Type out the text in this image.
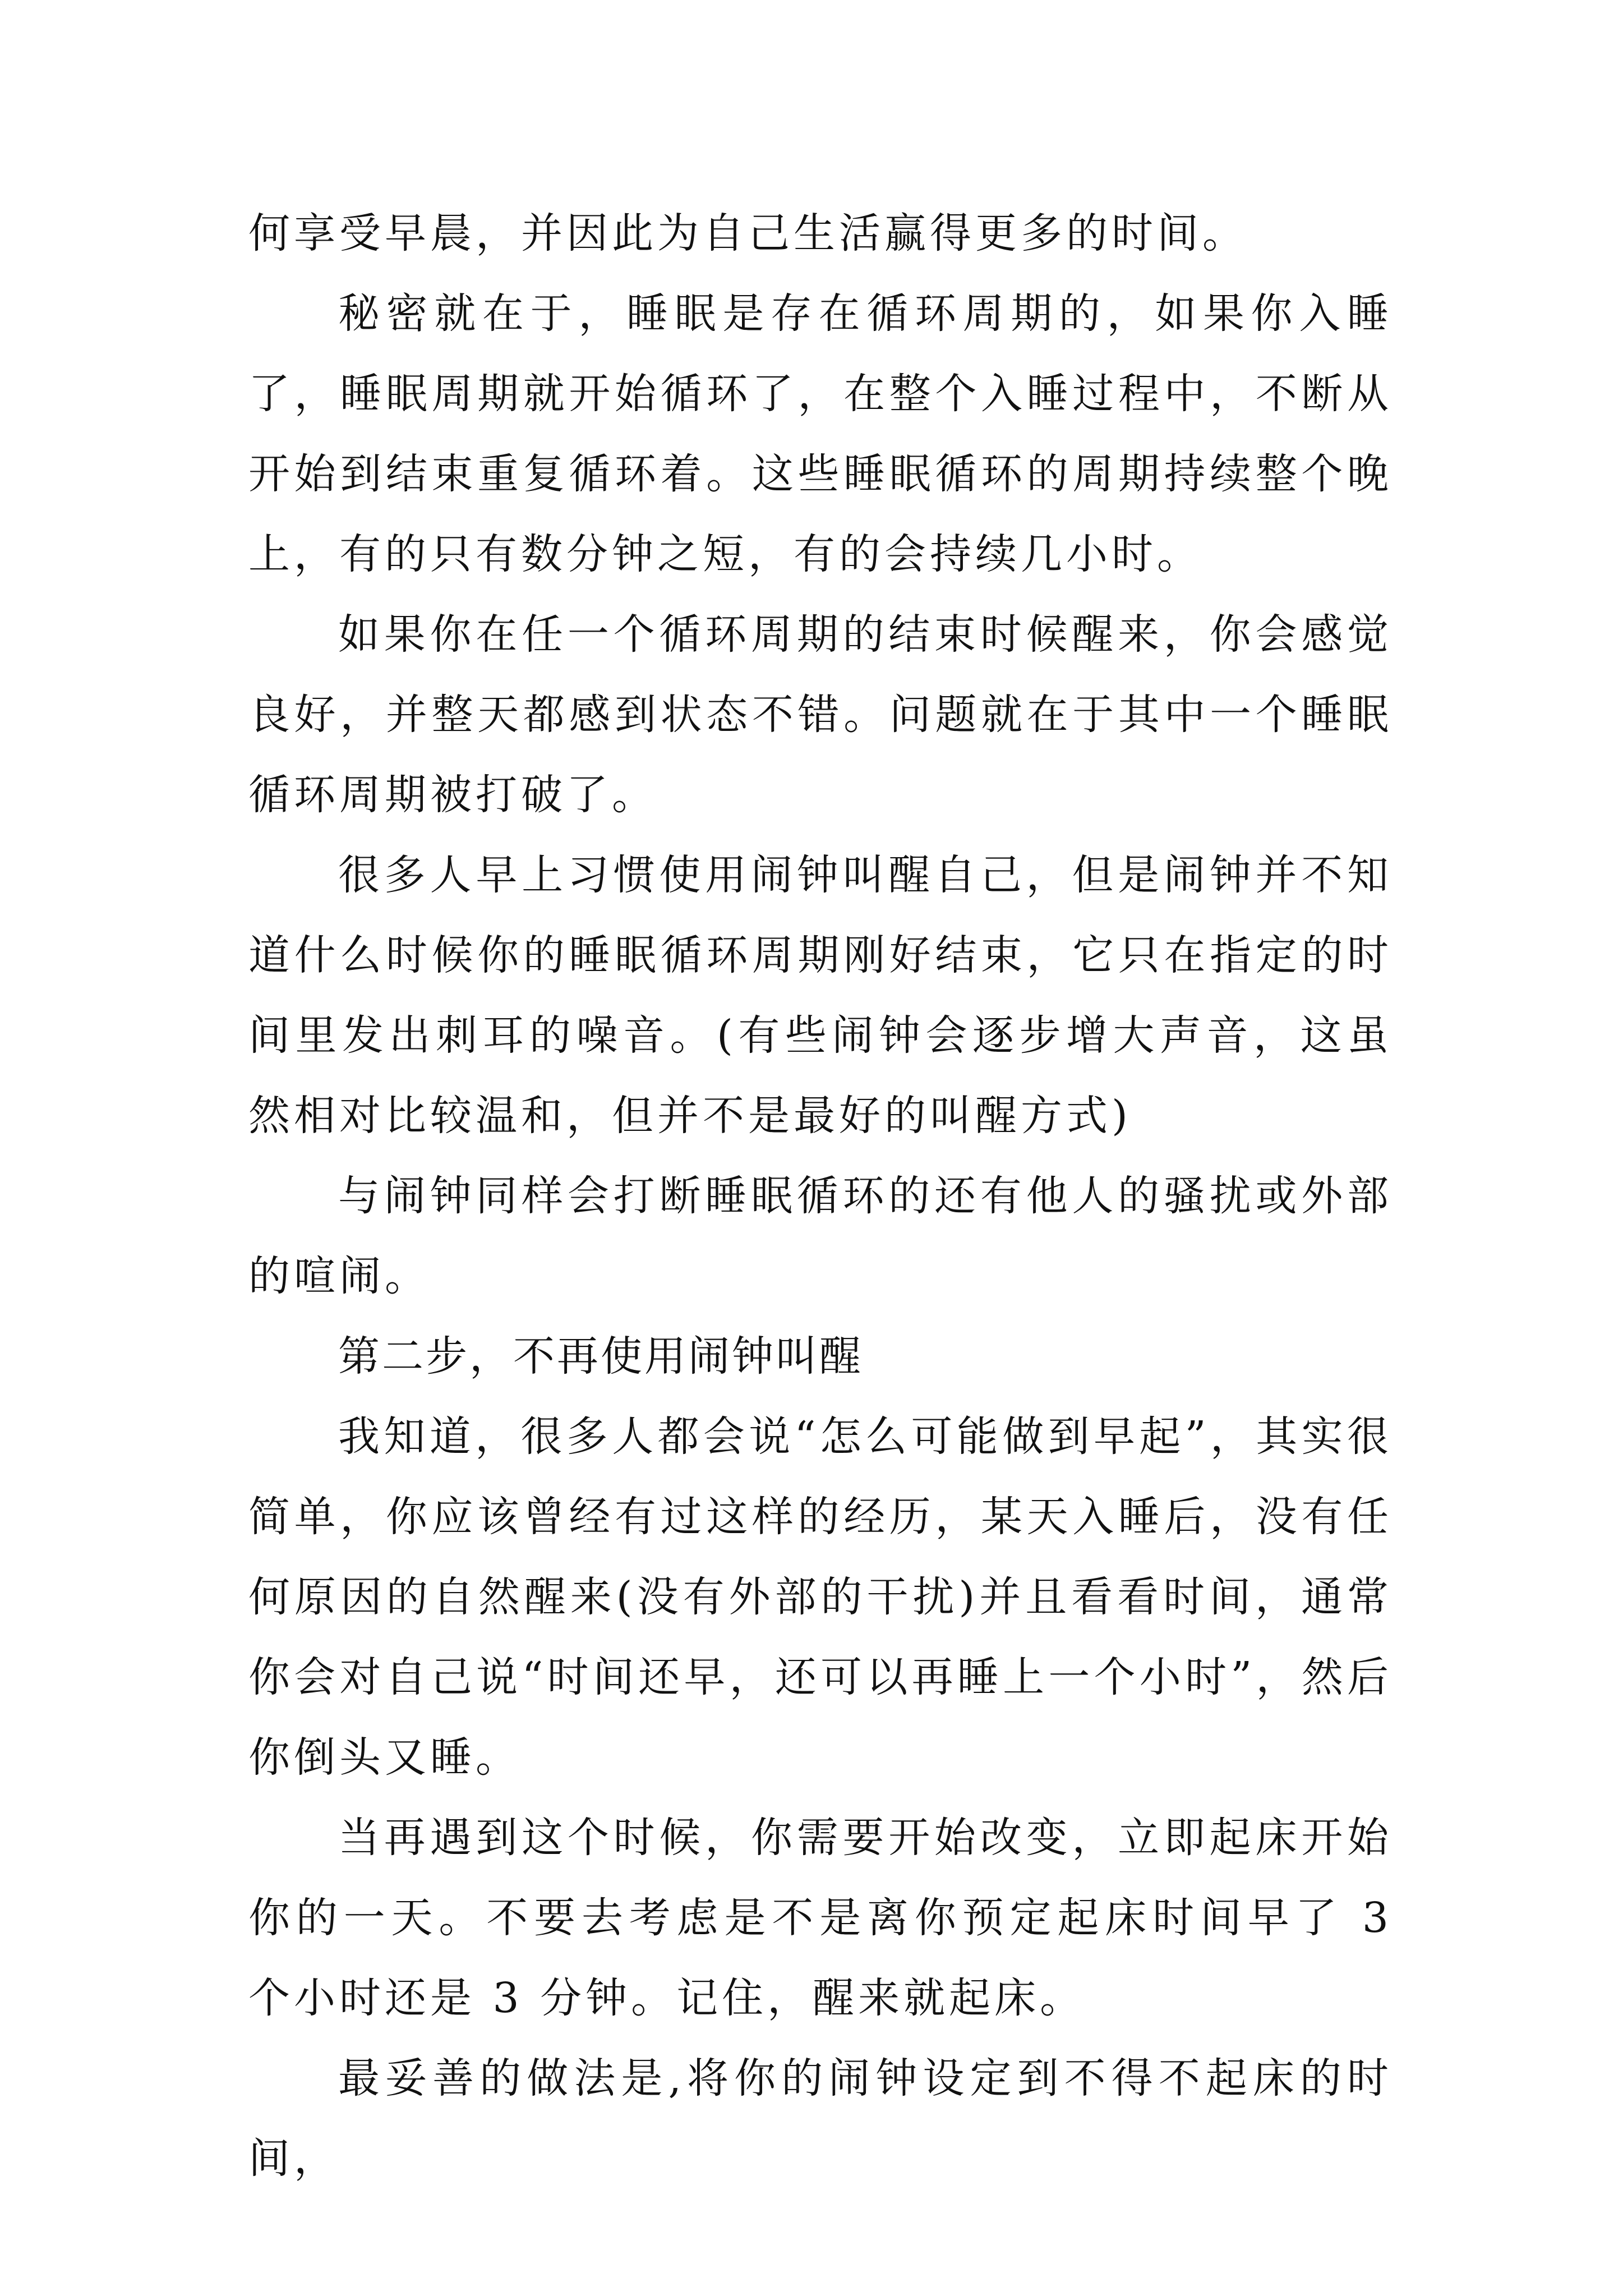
何享受早晨，并因此为自己生活赢得更多的时间。

秘密就在于，睡眠是存在循环周期的，如果你入睡了，睡眠周期就开始循环了，在整个入睡过程中，不断从开始到结束重复循环着。这些睡眠循环的周期持续整个晚上，有的只有数分钟之短，有的会持续几小时。

如果你在任一个循环周期的结束时候醒来，你会感觉良好，并整天都感到状态不错。问题就在于其中一个睡眠循环周期被打破了。

很多人早上习惯使用闹钟叫醒自己，但是闹钟并不知道什么时候你的睡眠循环周期刚好结束，它只在指定的时间里发出刺耳的噪音。(有些闹钟会逐步增大声音，这虽然相对比较温和，但并不是最好的叫醒方式)

与闹钟同样会打断睡眠循环的还有他人的骚扰或外部的喧闹。

第二步，不再使用闹钟叫醒

我知道，很多人都会说“怎么可能做到早起”，其实很简单，你应该曾经有过这样的经历，某天入睡后，没有任何原因的自然醒来(没有外部的干扰)并且看看时间，通常你会对自己说“时间还早，还可以再睡上一个小时”，然后你倒头又睡。

当再遇到这个时候，你需要开始改变，立即起床开始你的一天。不要去考虑是不是离你预定起床时间早了 3 个小时还是 3 分钟。记住，醒来就起床。

最妥善的做法是,将你的闹钟设定到不得不起床的时间，
